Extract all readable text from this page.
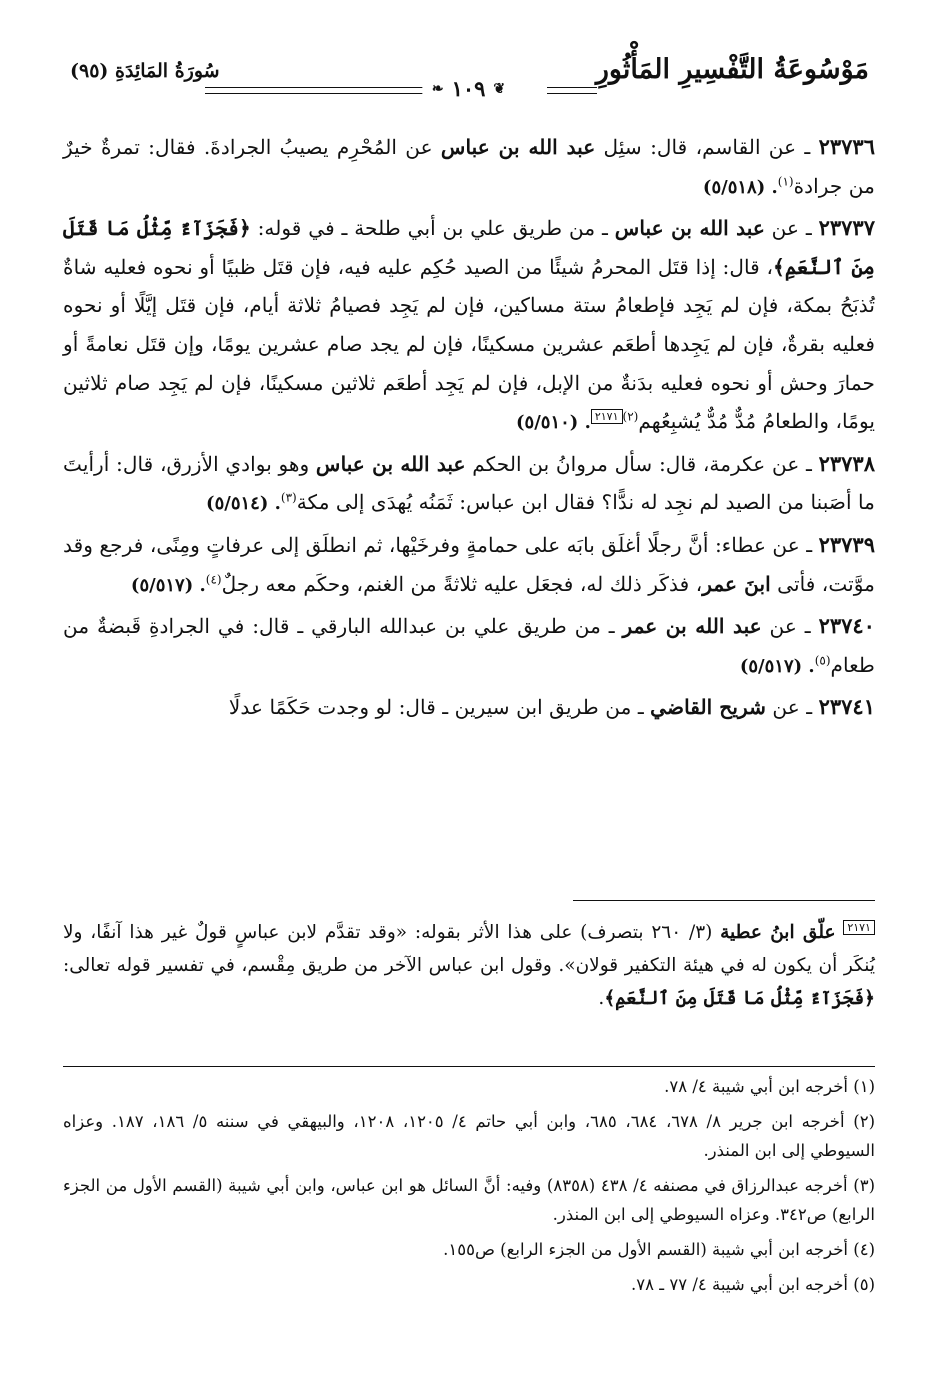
مَوْسُوعَةُ التَّفْسِيرِ المَأْثُورِ
سُورَةُ المَائِدَةِ (٩٥)
❦
١٠٩
❧

٢٣٧٣٦ ـ عن القاسم، قال: سئِل عبد الله بن عباس عن المُحْرِم يصيبُ الجرادةَ. فقال: تمرةٌ خيرٌ من جرادة$^{(١)}$. (٥/٥١٨)

٢٣٧٣٧ ـ عن عبد الله بن عباس ـ من طريق علي بن أبي طلحة ـ في قوله: ﴿فَجَزَآءٌ مِّثْلُ مَا قَتَلَ مِنَ ٱلنَّعَمِ﴾، قال: إذا قتَل المحرمُ شيئًا من الصيد حُكِم عليه فيه، فإن قتَل ظبيًا أو نحوه فعليه شاةٌ تُذبَحُ بمكة، فإن لم يَجِد فإطعامُ ستة مساكين، فإن لم يَجِد فصيامُ ثلاثة أيام، فإن قتَل إيَّلًا أو نحوه فعليه بقرةٌ، فإن لم يَجِدها أطعَم عشرين مسكينًا، فإن لم يجد صام عشرين يومًا، وإن قتَل نعامةً أو حمارَ وحش أو نحوه فعليه بدَنةٌ من الإبل، فإن لم يَجِد أطعَم ثلاثين مسكينًا، فإن لم يَجِد صام ثلاثين يومًا، والطعامُ مُدٌّ مُدٌّ يُشبِعُهم$^{(٢)}$٢١٧١. (٥/٥١٠)

٢٣٧٣٨ ـ عن عكرمة، قال: سأل مروانُ بن الحكم عبد الله بن عباس وهو بوادي الأزرق، قال: أرأيتَ ما أصَبنا من الصيد لم نجِد له ندًّا؟ فقال ابن عباس: ثَمَنُه يُهدَى إلى مكة$^{(٣)}$. (٥/٥١٤)

٢٣٧٣٩ ـ عن عطاء: أنَّ رجلًا أغلَق بابَه على حمامةٍ وفرخَيْها، ثم انطلَق إلى عرفاتٍ ومِنًى، فرجع وقد موَّتت، فأتى ابنَ عمر، فذكَر ذلك له، فجعَل عليه ثلاثةً من الغنم، وحكَم معه رجلٌ$^{(٤)}$. (٥/٥١٧)

٢٣٧٤٠ ـ عن عبد الله بن عمر ـ من طريق علي بن عبدالله البارقي ـ قال: في الجرادةِ قَبضةٌ من طعام$^{(٥)}$. (٥/٥١٧)

٢٣٧٤١ ـ عن شريح القاضي ـ من طريق ابن سيرين ـ قال: لو وجدت حَكَمًا عدلًا

٢١٧١ علّق ابنُ عطية (٣/ ٢٦٠ بتصرف) على هذا الأثر بقوله: «وقد تقدَّم لابن عباسٍ قولٌ غير هذا آنفًا، ولا يُنكَر أن يكون له في هيئة التكفير قولان». وقول ابن عباس الآخر من طريق مِقْسم، في تفسير قوله تعالى: ﴿فَجَزَآءٌ مِّثْلُ مَا قَتَلَ مِنَ ٱلنَّعَمِ﴾.

(١) أخرجه ابن أبي شيبة ٤/ ٧٨.

(٢) أخرجه ابن جرير ٨/ ٦٧٨، ٦٨٤، ٦٨٥، وابن أبي حاتم ٤/ ١٢٠٥، ١٢٠٨، والبيهقي في سننه ٥/ ١٨٦، ١٨٧. وعزاه السيوطي إلى ابن المنذر.

(٣) أخرجه عبدالرزاق في مصنفه ٤/ ٤٣٨ (٨٣٥٨) وفيه: أنَّ السائل هو ابن عباس، وابن أبي شيبة (القسم الأول من الجزء الرابع) ص٣٤٢. وعزاه السيوطي إلى ابن المنذر.

(٤) أخرجه ابن أبي شيبة (القسم الأول من الجزء الرابع) ص١٥٥.

(٥) أخرجه ابن أبي شيبة ٤/ ٧٧ ـ ٧٨.
